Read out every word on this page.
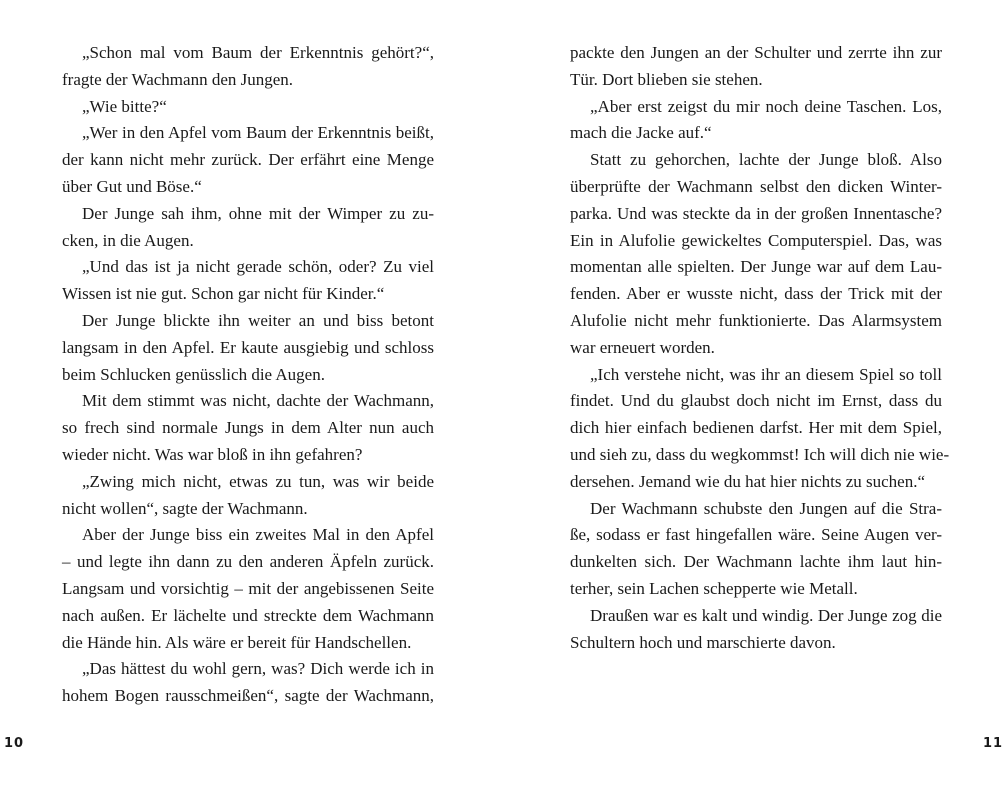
„Schon mal vom Baum der Erkenntnis gehört?“,
fragte der Wachmann den Jungen.
„Wie bitte?“
„Wer in den Apfel vom Baum der Erkenntnis beißt,
der kann nicht mehr zurück. Der erfährt eine Menge
über Gut und Böse.“
Der Junge sah ihm, ohne mit der Wimper zu zu-
cken, in die Augen.
„Und das ist ja nicht gerade schön, oder? Zu viel
Wissen ist nie gut. Schon gar nicht für Kinder.“
Der Junge blickte ihn weiter an und biss betont
langsam in den Apfel. Er kaute ausgiebig und schloss
beim Schlucken genüsslich die Augen.
Mit dem stimmt was nicht, dachte der Wachmann,
so frech sind normale Jungs in dem Alter nun auch
wieder nicht. Was war bloß in ihn gefahren?
„Zwing mich nicht, etwas zu tun, was wir beide
nicht wollen“, sagte der Wachmann.
Aber der Junge biss ein zweites Mal in den Apfel
– und legte ihn dann zu den anderen Äpfeln zurück.
Langsam und vorsichtig – mit der angebissenen Seite
nach außen. Er lächelte und streckte dem Wachmann
die Hände hin. Als wäre er bereit für Handschellen.
„Das hättest du wohl gern, was? Dich werde ich in
hohem Bogen rausschmeißen“, sagte der Wachmann,
packte den Jungen an der Schulter und zerrte ihn zur
Tür. Dort blieben sie stehen.
„Aber erst zeigst du mir noch deine Taschen. Los,
mach die Jacke auf.“
Statt zu gehorchen, lachte der Junge bloß. Also
überprüfte der Wachmann selbst den dicken Winter-
parka. Und was steckte da in der großen Innentasche?
Ein in Alufolie gewickeltes Computerspiel. Das, was
momentan alle spielten. Der Junge war auf dem Lau-
fenden. Aber er wusste nicht, dass der Trick mit der
Alufolie nicht mehr funktionierte. Das Alarmsystem
war erneuert worden.
„Ich verstehe nicht, was ihr an diesem Spiel so toll
findet. Und du glaubst doch nicht im Ernst, dass du
dich hier einfach bedienen darfst. Her mit dem Spiel,
und sieh zu, dass du wegkommst! Ich will dich nie wie-
dersehen. Jemand wie du hat hier nichts zu suchen.“
Der Wachmann schubste den Jungen auf die Stra-
ße, sodass er fast hingefallen wäre. Seine Augen ver-
dunkelten sich. Der Wachmann lachte ihm laut hin-
terher, sein Lachen schepperte wie Metall.
Draußen war es kalt und windig. Der Junge zog die
Schultern hoch und marschierte davon.
10	11
